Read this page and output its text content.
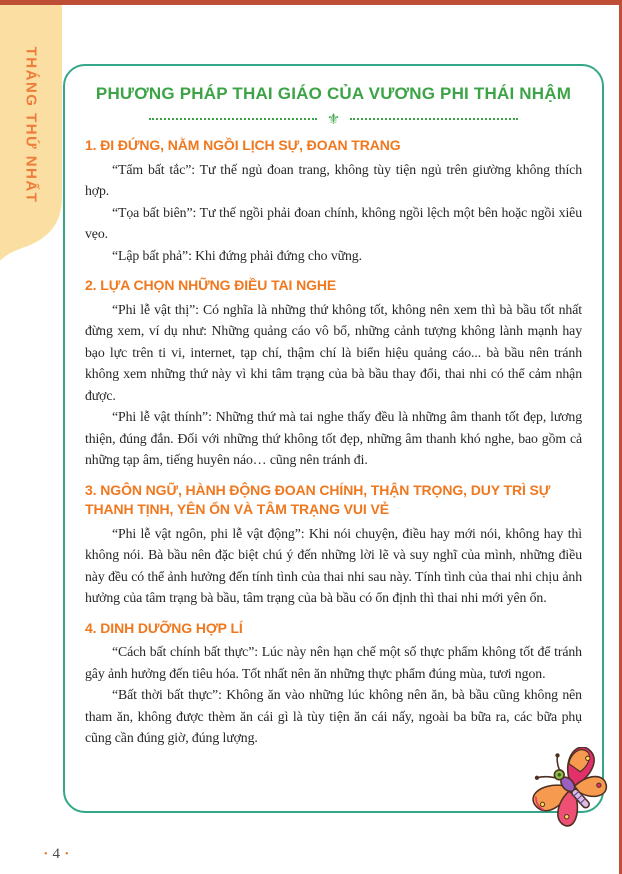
THÁNG THỨ NHẤT	PHƯƠNG PHÁP THAI GIÁO CỦA VƯƠNG PHI THÁI NHẬM
⚜
1. ĐI ĐỨNG, NẰM NGỒI LỊCH SỰ, ĐOAN TRANG

“Tẩm bất tắc”: Tư thế ngủ đoan trang, không tùy tiện ngủ trên giường không thích hợp.

“Tọa bất biên”: Tư thế ngồi phải đoan chính, không ngồi lệch một bên hoặc ngồi xiêu vẹo.

“Lập bất phả”: Khi đứng phải đứng cho vững.

2. LỰA CHỌN NHỮNG ĐIỀU TAI NGHE

“Phi lễ vật thị”: Có nghĩa là những thứ không tốt, không nên xem thì bà bầu tốt nhất đừng xem, ví dụ như: Những quảng cáo vô bổ, những cảnh tượng không lành mạnh hay bạo lực trên ti vi, internet, tạp chí, thậm chí là biển hiệu quảng cáo... bà bầu nên tránh không xem những thứ này vì khi tâm trạng của bà bầu thay đổi, thai nhi có thể cảm nhận được.

“Phi lễ vật thính”: Những thứ mà tai nghe thấy đều là những âm thanh tốt đẹp, lương thiện, đúng đắn. Đối với những thứ không tốt đẹp, những âm thanh khó nghe, bao gồm cả những tạp âm, tiếng huyên náo… cũng nên tránh đi.

3. NGÔN NGỮ, HÀNH ĐỘNG ĐOAN CHÍNH, THẬN TRỌNG, DUY TRÌ SỰ THANH TỊNH, YÊN ỔN VÀ TÂM TRẠNG VUI VẺ

“Phi lễ vật ngôn, phi lễ vật động”: Khi nói chuyện, điều hay mới nói, không hay thì không nói. Bà bầu nên đặc biệt chú ý đến những lời lẽ và suy nghĩ của mình, những điều này đều có thể ảnh hưởng đến tính tình của thai nhi sau này. Tính tình của thai nhi chịu ảnh hưởng của tâm trạng bà bầu, tâm trạng của bà bầu có ổn định thì thai nhi mới yên ổn.

4. DINH DƯỠNG HỢP LÍ

“Cách bất chính bất thực”: Lúc này nên hạn chế một số thực phẩm không tốt để tránh gây ảnh hưởng đến tiêu hóa. Tốt nhất nên ăn những thực phẩm đúng mùa, tươi ngon.

“Bất thời bất thực”: Không ăn vào những lúc không nên ăn, bà bầu cũng không nên tham ăn, không được thèm ăn cái gì là tùy tiện ăn cái nấy, ngoài ba bữa ra, các bữa phụ cũng cần đúng giờ, đúng lượng.

• 4 •
